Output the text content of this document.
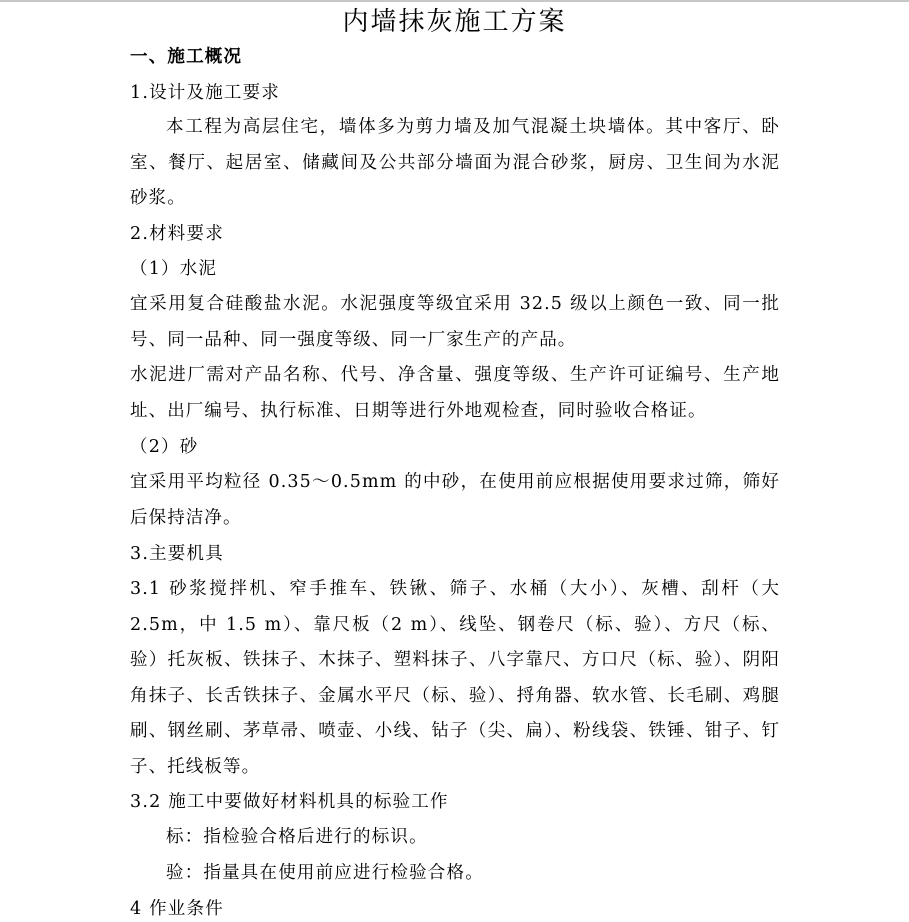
内墙抹灰施工方案
一、施工概况
1.设计及施工要求
本工程为高层住宅，墙体多为剪力墙及加气混凝土块墙体。其中客厅、卧室、餐厅、起居室、储藏间及公共部分墙面为混合砂浆，厨房、卫生间为水泥砂浆。
2.材料要求
（1）水泥
宜采用复合硅酸盐水泥。水泥强度等级宜采用 32.5 级以上颜色一致、同一批号、同一品种、同一强度等级、同一厂家生产的产品。
水泥进厂需对产品名称、代号、净含量、强度等级、生产许可证编号、生产地址、出厂编号、执行标准、日期等进行外地观检查，同时验收合格证。
（2）砂
宜采用平均粒径 0.35～0.5mm 的中砂，在使用前应根据使用要求过筛，筛好后保持洁净。
3.主要机具
3.1 砂浆搅拌机、窄手推车、铁锹、筛子、水桶（大小）、灰槽、刮杆（大2.5m，中 1.5 m）、靠尺板（2 m）、线坠、钢卷尺（标、验）、方尺（标、验）托灰板、铁抹子、木抹子、塑料抹子、八字靠尺、方口尺（标、验）、阴阳角抹子、长舌铁抹子、金属水平尺（标、验）、捋角器、软水管、长毛刷、鸡腿刷、钢丝刷、茅草帚、喷壶、小线、钻子（尖、扁）、粉线袋、铁锤、钳子、钉子、托线板等。
3.2 施工中要做好材料机具的标验工作
标：指检验合格后进行的标识。
验：指量具在使用前应进行检验合格。
4 作业条件
